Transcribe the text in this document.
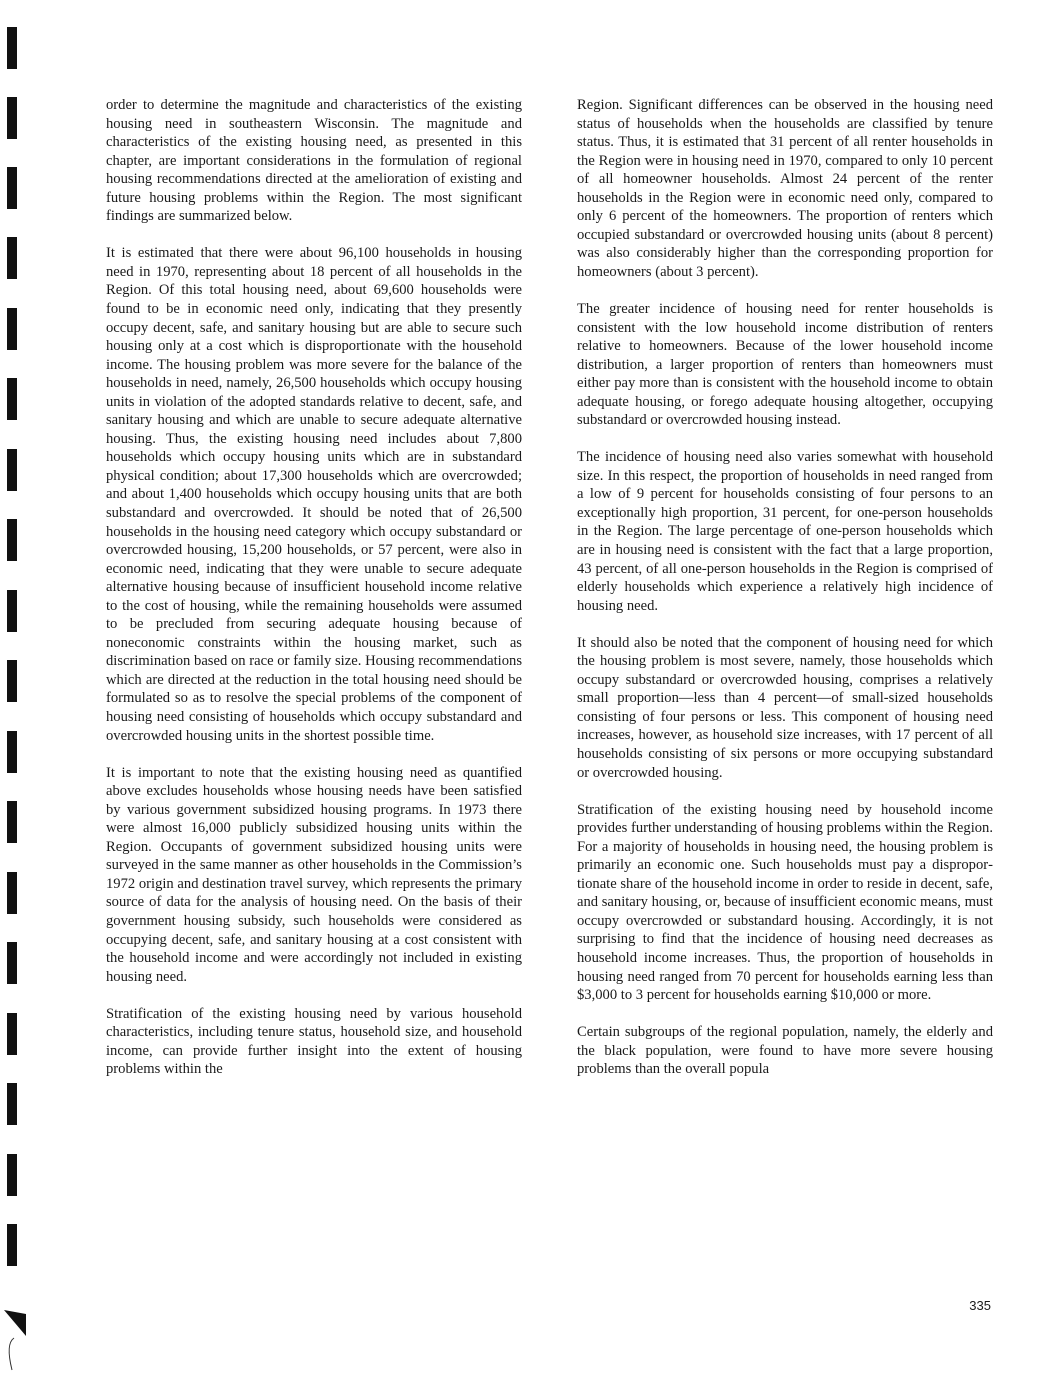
order to determine the magnitude and characteristics of the existing housing need in southeastern Wisconsin. The magnitude and characteristics of the existing housing need, as presented in this chapter, are important considerations in the formulation of regional housing recommendations directed at the amelioration of existing and future housing problems within the Region. The most significant findings are summarized below.

It is estimated that there were about 96,100 households in housing need in 1970, representing about 18 percent of all households in the Region. Of this total housing need, about 69,600 households were found to be in economic need only, indicating that they presently occupy decent, safe, and sanitary housing but are able to secure such housing only at a cost which is disproportionate with the household income. The housing problem was more severe for the balance of the households in need, namely, 26,500 households which occupy housing units in violation of the adopted standards relative to decent, safe, and sanitary housing and which are unable to secure adequate alternative housing. Thus, the existing housing need includes about 7,800 households which occupy housing units which are in substandard physical condition; about 17,300 households which are overcrowded; and about 1,400 households which occupy housing units that are both substandard and overcrowded. It should be noted that of 26,500 households in the housing need category which occupy substandard or overcrowded housing, 15,200 households, or 57 percent, were also in economic need, indicating that they were unable to secure adequate alternative housing because of insufficient household income relative to the cost of housing, while the remaining households were assumed to be precluded from securing adequate housing because of noneconomic constraints within the housing market, such as discrimination based on race or family size. Housing recommendations which are directed at the reduction in the total housing need should be formulated so as to resolve the special problems of the component of housing need consisting of households which occupy substandard and overcrowded housing units in the shortest possible time.

It is important to note that the existing housing need as quantified above excludes households whose housing needs have been satisfied by various government subsidized housing programs. In 1973 there were almost 16,000 publicly subsidized housing units within the Region. Occupants of government subsidized housing units were surveyed in the same manner as other households in the Commission’s 1972 origin and destination travel survey, which represents the primary source of data for the analysis of housing need. On the basis of their government housing subsidy, such households were considered as occupying decent, safe, and sanitary housing at a cost consistent with the household income and were accordingly not included in existing housing need.

Stratification of the existing housing need by various household characteristics, including tenure status, household size, and household income, can provide further insight into the extent of housing problems within the

Region. Significant differences can be observed in the housing need status of households when the households are classified by tenure status. Thus, it is estimated that 31 percent of all renter households in the Region were in housing need in 1970, compared to only 10 percent of all homeowner households. Almost 24 percent of the renter households in the Region were in economic need only, compared to only 6 percent of the homeowners. The proportion of renters which occupied substandard or overcrowded housing units (about 8 percent) was also considerably higher than the corresponding proportion for homeowners (about 3 percent).

The greater incidence of housing need for renter households is consistent with the low household income distribution of renters relative to homeowners. Because of the lower household income distribution, a larger proportion of renters than homeowners must either pay more than is consistent with the household income to obtain adequate housing, or forego adequate housing altogether, occupying substandard or overcrowded housing instead.

The incidence of housing need also varies somewhat with household size. In this respect, the proportion of households in need ranged from a low of 9 percent for households consisting of four persons to an exceptionally high proportion, 31 percent, for one-person households in the Region. The large percentage of one-person households which are in housing need is consistent with the fact that a large proportion, 43 percent, of all one-person households in the Region is comprised of elderly households which experience a relatively high incidence of housing need.

It should also be noted that the component of housing need for which the housing problem is most severe, namely, those households which occupy substandard or overcrowded housing, comprises a relatively small proportion—less than 4 percent—of small-sized households consisting of four persons or less. This component of housing need increases, however, as household size increases, with 17 percent of all households consisting of six persons or more occupying substandard or overcrowded housing.

Stratification of the existing housing need by household income provides further understanding of housing problems within the Region. For a majority of households in housing need, the housing problem is primarily an economic one. Such households must pay a disproportionate share of the household income in order to reside in decent, safe, and sanitary housing, or, because of insufficient economic means, must occupy overcrowded or substandard housing. Accordingly, it is not surprising to find that the incidence of housing need decreases as household income increases. Thus, the proportion of households in housing need ranged from 70 percent for households earning less than $3,000 to 3 percent for households earning $10,000 or more.

Certain subgroups of the regional population, namely, the elderly and the black population, were found to have more severe housing problems than the overall popula

335
